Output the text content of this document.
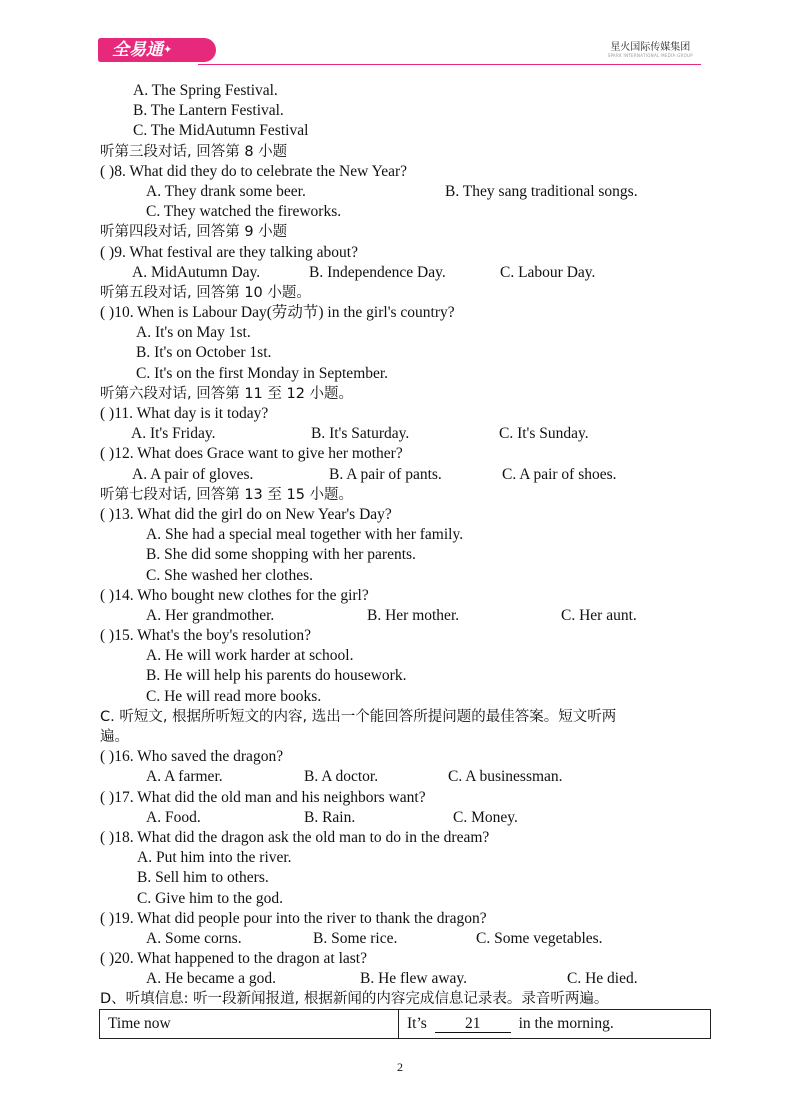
全易通✦	星火国际传媒集团
SPARK INTERNATIONAL MEDIA GROUP
A. The Spring Festival.
B. The Lantern Festival.
C. The MidAutumn Festival
听第三段对话, 回答第 8 小题
( )8. What did they do to celebrate the New Year?
A. They drank some beer.	B. They sang traditional songs.
C. They watched the fireworks.
听第四段对话, 回答第 9 小题
( )9. What festival are they talking about?
A. MidAutumn Day.	B. Independence Day.	C. Labour Day.
听第五段对话, 回答第 10 小题。
( )10. When is Labour Day(劳动节) in the girl's country?
A. It's on May 1st.
B. It's on October 1st.
C. It's on the first Monday in September.
听第六段对话, 回答第 11 至 12 小题。
( )11. What day is it today?
A. It's Friday.	B. It's Saturday.	C. It's Sunday.
( )12. What does Grace want to give her mother?
A. A pair of gloves.	B. A pair of pants.	C. A pair of shoes.
听第七段对话, 回答第 13 至 15 小题。
( )13. What did the girl do on New Year's Day?
A. She had a special meal together with her family.
B. She did some shopping with her parents.
C. She washed her clothes.
( )14. Who bought new clothes for the girl?
A. Her grandmother.	B. Her mother.	C. Her aunt.
( )15. What's the boy's resolution?
A. He will work harder at school.
B. He will help his parents do housework.
C. He will read more books.
C. 听短文, 根据所听短文的内容, 选出一个能回答所提问题的最佳答案。短文听两
遍。
( )16. Who saved the dragon?
A. A farmer.	B. A doctor.	C. A businessman.
( )17. What did the old man and his neighbors want?
A. Food.	B. Rain.	C. Money.
( )18. What did the dragon ask the old man to do in the dream?
A. Put him into the river.
B. Sell him to others.
C. Give him to the god.
( )19. What did people pour into the river to thank the dragon?
A. Some corns.	B. Some rice.	C. Some vegetables.
( )20. What happened to the dragon at last?
A. He became a god.	B. He flew away.	C. He died.
D、听填信息: 听一段新闻报道, 根据新闻的内容完成信息记录表。录音听两遍。
Time now	It’s 21 in the morning.
2
